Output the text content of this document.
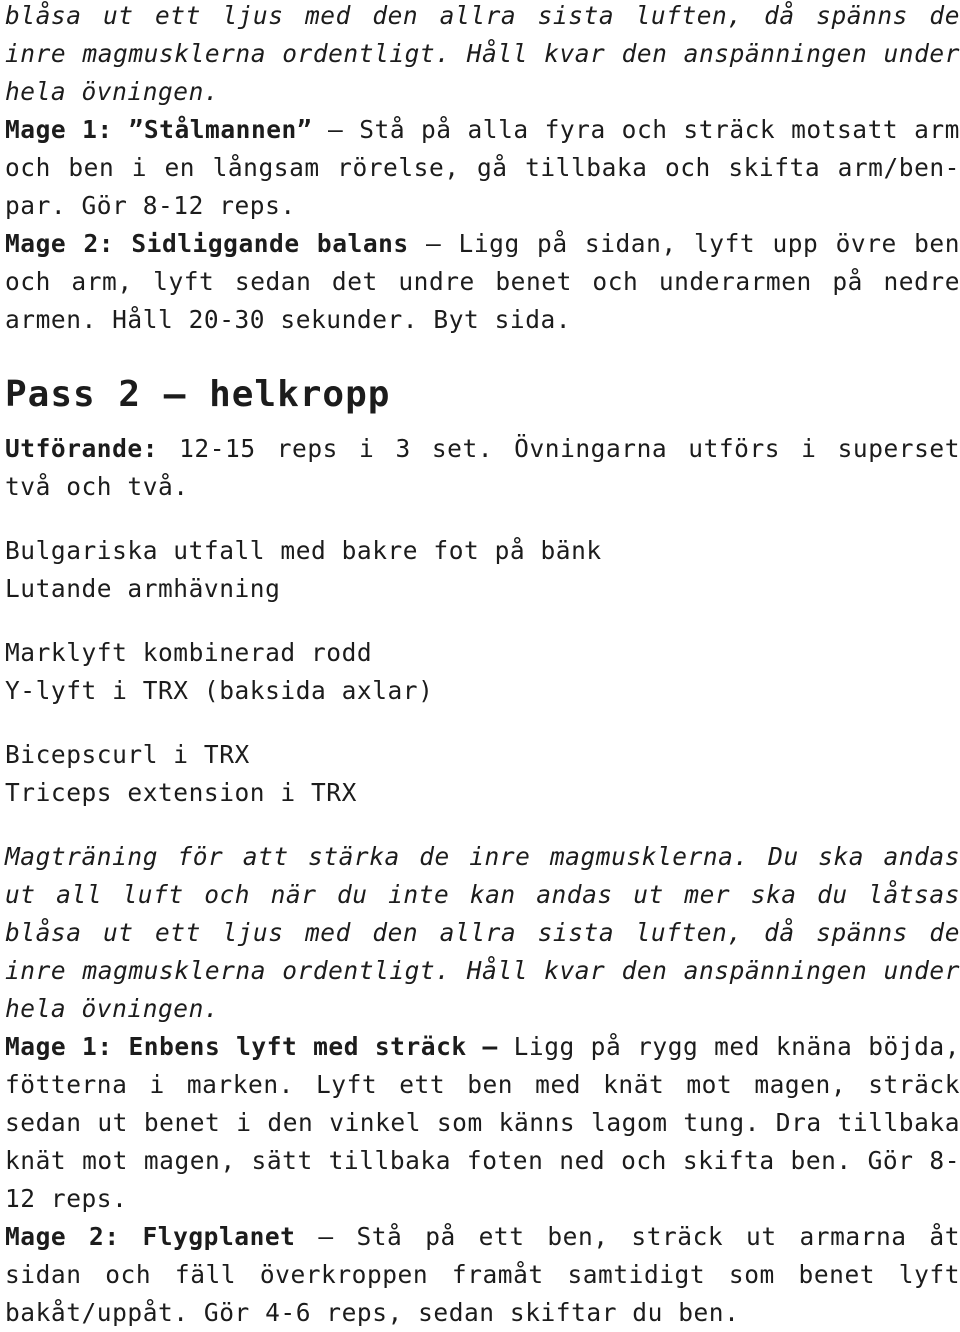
blåsa ut ett ljus med den allra sista luften, då spänns de inre magmusklerna ordentligt. Håll kvar den anspänningen under hela övningen.

Mage 1: ”Stålmannen” – Stå på alla fyra och sträck motsatt arm och ben i en långsam rörelse, gå tillbaka och skifta arm/ben-par. Gör 8-12 reps.

Mage 2: Sidliggande balans – Ligg på sidan, lyft upp övre ben och arm, lyft sedan det undre benet och underarmen på nedre armen. Håll 20-30 sekunder. Byt sida.

Pass 2 – helkropp

Utförande: 12-15 reps i 3 set. Övningarna utförs i superset två och två.

Bulgariska utfall med bakre fot på bänk
Lutande armhävning
Marklyft kombinerad rodd
Y-lyft i TRX (baksida axlar)
Bicepscurl i TRX
Triceps extension i TRX

Magträning för att stärka de inre magmusklerna. Du ska andas ut all luft och när du inte kan andas ut mer ska du låtsas blåsa ut ett ljus med den allra sista luften, då spänns de inre magmusklerna ordentligt. Håll kvar den anspänningen under hela övningen.

Mage 1: Enbens lyft med sträck – Ligg på rygg med knäna böjda, fötterna i marken. Lyft ett ben med knät mot magen, sträck sedan ut benet i den vinkel som känns lagom tung. Dra tillbaka knät mot magen, sätt tillbaka foten ned och skifta ben. Gör 8-12 reps.

Mage 2: Flygplanet – Stå på ett ben, sträck ut armarna åt sidan och fäll överkroppen framåt samtidigt som benet lyft bakåt/uppåt. Gör 4-6 reps, sedan skiftar du ben.
